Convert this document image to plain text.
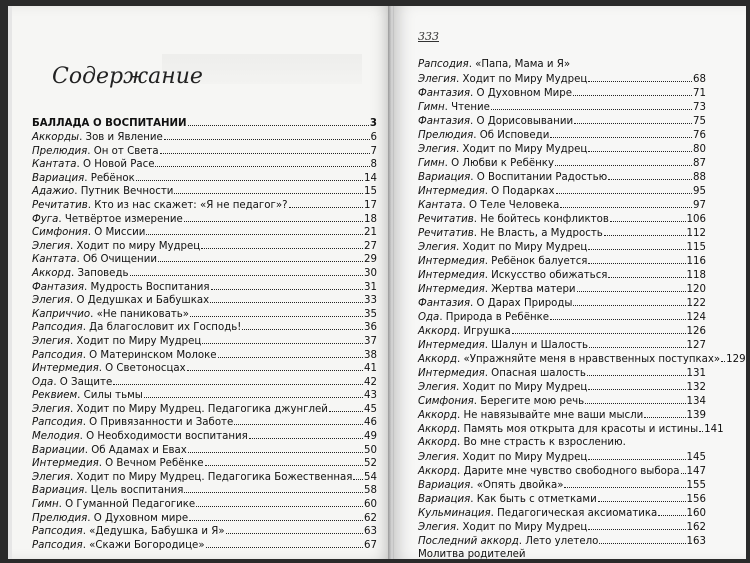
Содержание
БАЛЛАДА О ВОСПИТАНИИ	3
Аккорды . Зов и Явление	6
Прелюдия . Он от Света	7
Кантата . О Новой Расе	8
Вариация . Ребёнок	14
Адажио . Путник Вечности	15
Речитатив . Кто из нас скажет: «Я не педагог»?	17
Фуга . Четвёртое измерение	18
Симфония . О Миссии	21
Элегия . Ходит по миру Мудрец	27
Кантата . Об Очищении	29
Аккорд . Заповедь	30
Фантазия . Мудрость Воспитания	31
Элегия . О Дедушках и Бабушках	33
Каприччио . «Не паниковать»	35
Рапсодия . Да благословит их Господь!	36
Элегия . Ходит по Миру Мудрец	37
Рапсодия . О Материнском Молоке	38
Интермедия . О Светоносцах	41
Ода . О Защите	42
Реквием . Силы тьмы	43
Элегия . Ходит по Миру Мудрец. Педагогика джунглей	45
Рапсодия . О Привязанности и Заботе	46
Мелодия . О Необходимости воспитания	49
Вариации . Об Адамах и Евах	50
Интермедия . О Вечном Ребёнке	52
Элегия . Ходит по Миру Мудрец. Педагогика Божественная 54
Вариация . Цель воспитания	58
Гимн . О Гуманной Педагогике	60
Прелюдия . О Духовном мире	62
Рапсодия . «Дедушка, Бабушка и Я»	63
Рапсодия . «Скажи Богородице»	67
333
Рапсодия . «Папа, Мама и Я»
Элегия . Ходит по Миру Мудрец	68
Фантазия . О Духовном Мире	71
Гимн . Чтение	73
Фантазия . О Дорисовывании	75
Прелюдия . Об Исповеди	76
Элегия . Ходит по Миру Мудрец	80
Гимн . О Любви к Ребёнку	87
Вариация . О Воспитании Радостью	88
Интермедия . О Подарках	95
Кантата . О Теле Человека	97
Речитатив . Не бойтесь конфликтов	106
Речитатив . Не Власть, а Мудрость	112
Элегия . Ходит по Миру Мудрец	115
Интермедия . Ребёнок балуется	116
Интермедия . Искусство обижаться	118
Интермедия . Жертва матери	120
Фантазия . О Дарах Природы	122
Ода . Природа в Ребёнке	124
Аккорд . Игрушка	126
Интермедия . Шалун и Шалость	127
Аккорд . «Упражняйте меня в нравственных поступках» 129
Интермедия . Опасная шалость	131
Элегия . Ходит по Миру Мудрец	132
Симфония . Берегите мою речь	134
Аккорд . Не навязывайте мне ваши мысли	139
Аккорд . Память моя открыта для красоты и истины 141
Аккорд . Во мне страсть к взрослению.
Элегия . Ходит по Миру Мудрец	145
Аккорд . Дарите мне чувство свободного выбора 147
Вариация . «Опять двойка»	155
Вариация . Как быть с отметками	156
Кульминация . Педагогическая аксиоматика	160
Элегия . Ходит по Миру Мудрец	162
Последний аккорд . Лето улетело	163
Молитва родителей
